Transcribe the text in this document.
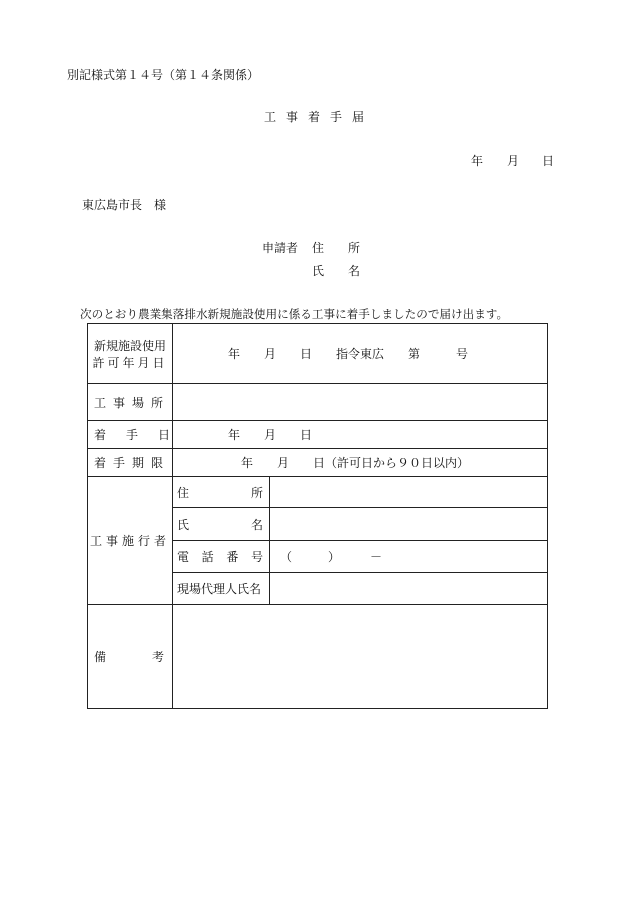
別記様式第１４号（第１４条関係）
工事着手届
年 月 日
東広島市長　様
申請者 住　　所
氏　　名
次のとおり農業集落排水新規施設使用に係る工事に着手しましたので届け出ます。
新規施設使用
許可年月日	年　　月　　日　　指令東広　　第　　　号	
工事場所		
着手日	年　　月　　日	
着手期限	年　　月　　日（許可日から９０日以内）	
工事施行者	住 所	

	氏 名	

	電 話 番 号	（　　　）　　　－
	現場代理人氏名	

備 考		
